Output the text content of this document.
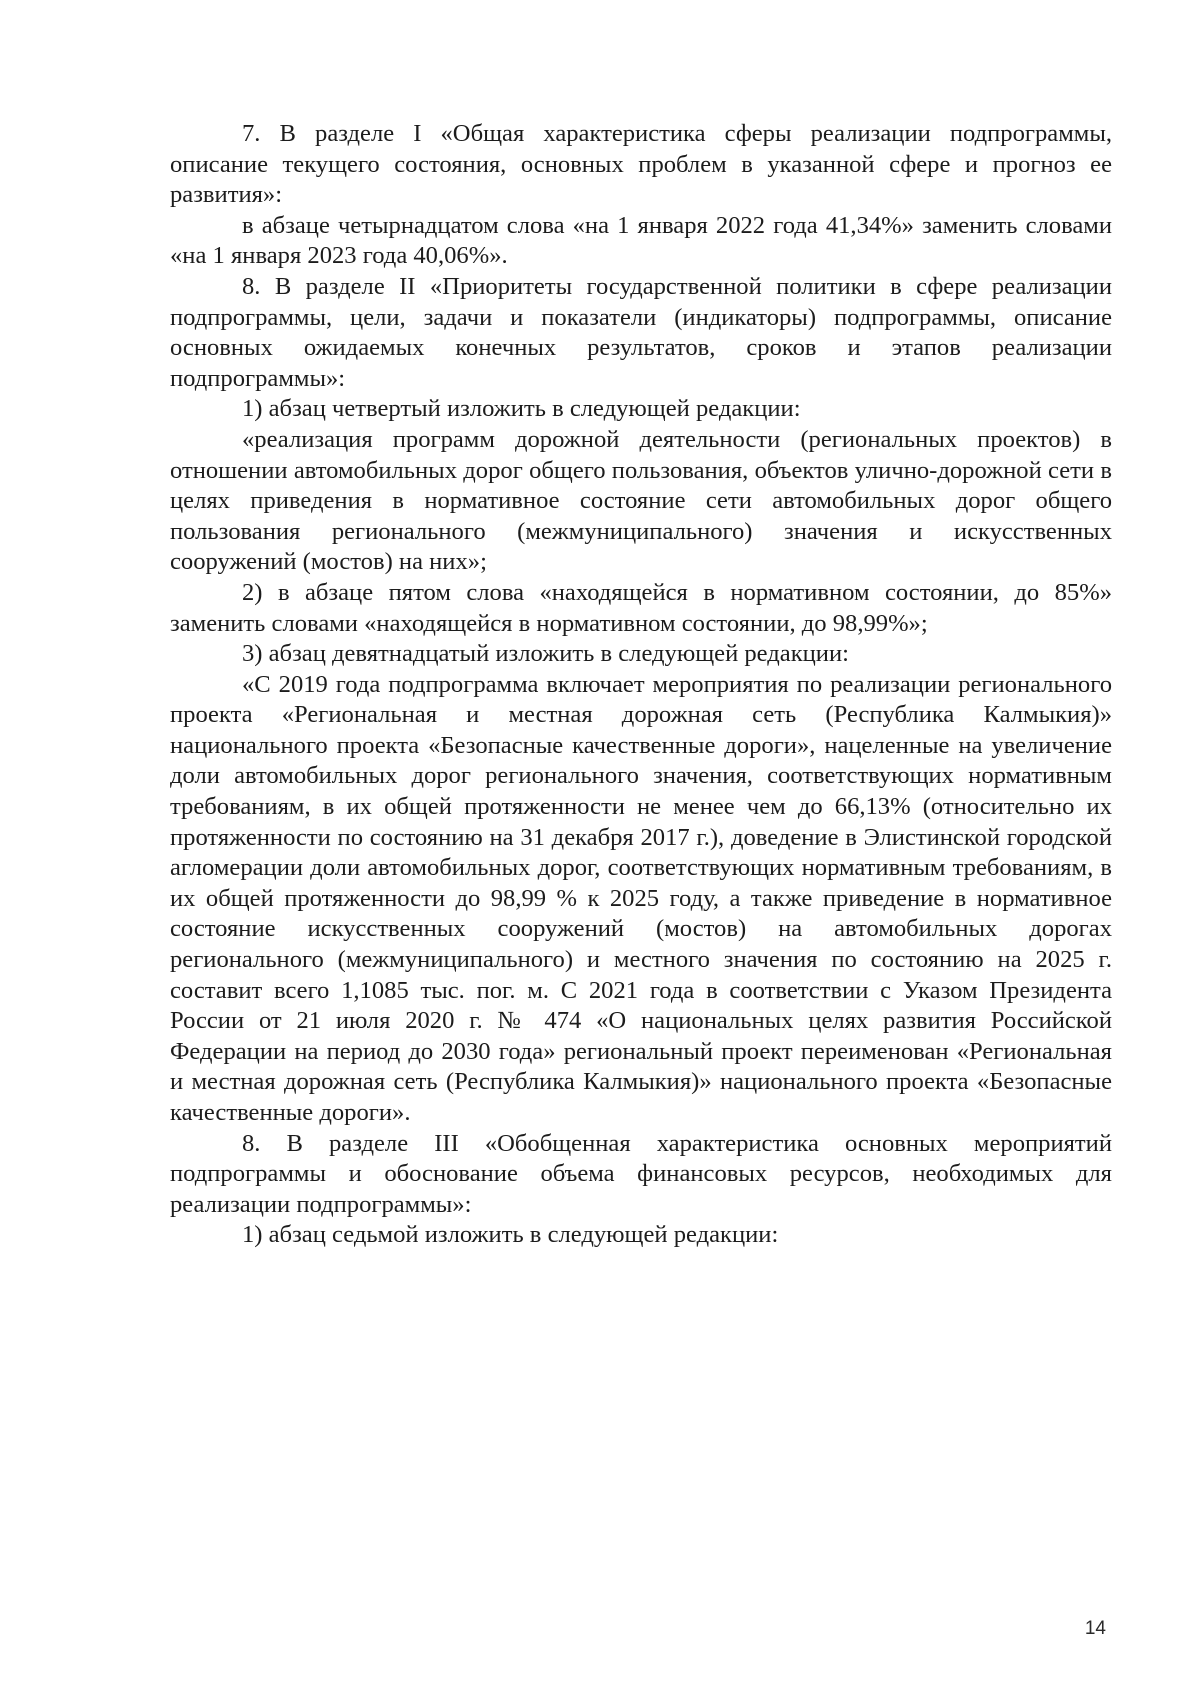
7. В разделе I «Общая характеристика сферы реализации подпрограммы, описание текущего состояния, основных проблем в указанной сфере и прогноз ее развития»:

в абзаце четырнадцатом слова «на 1 января 2022 года 41,34%» заменить словами «на 1 января 2023 года 40,06%».

8. В разделе II «Приоритеты государственной политики в сфере реализации подпрограммы, цели, задачи и показатели (индикаторы) подпрограммы, описание основных ожидаемых конечных результатов, сроков и этапов реализации подпрограммы»:

1) абзац четвертый изложить в следующей редакции:

«реализация программ дорожной деятельности (региональных проектов) в отношении автомобильных дорог общего пользования, объектов улично-дорожной сети в целях приведения в нормативное состояние сети автомобильных дорог общего пользования регионального (межмуниципального) значения и искусственных сооружений (мостов) на них»;

2) в абзаце пятом слова «находящейся в нормативном состоянии, до 85%» заменить словами «находящейся в нормативном состоянии, до 98,99%»;

3) абзац девятнадцатый изложить в следующей редакции:

«С 2019 года подпрограмма включает мероприятия по реализации регионального проекта «Региональная и местная дорожная сеть (Республика Калмыкия)» национального проекта «Безопасные качественные дороги», нацеленные на увеличение доли автомобильных дорог регионального значения, соответствующих нормативным требованиям, в их общей протяженности не менее чем до 66,13% (относительно их протяженности по состоянию на 31 декабря 2017 г.), доведение в Элистинской городской агломерации доли автомобильных дорог, соответствующих нормативным требованиям, в их общей протяженности до 98,99 % к 2025 году, а также приведение в нормативное состояние искусственных сооружений (мостов) на автомобильных дорогах регионального (межмуниципального) и местного значения по состоянию на 2025 г. составит всего 1,1085 тыс. пог. м. С 2021 года в соответствии с Указом Президента России от 21 июля 2020 г. № 474 «О национальных целях развития Российской Федерации на период до 2030 года» региональный проект переименован «Региональная и местная дорожная сеть (Республика Калмыкия)» национального проекта «Безопасные качественные дороги».

8. В разделе III «Обобщенная характеристика основных мероприятий подпрограммы и обоснование объема финансовых ресурсов, необходимых для реализации подпрограммы»:

1) абзац седьмой изложить в следующей редакции:

14
